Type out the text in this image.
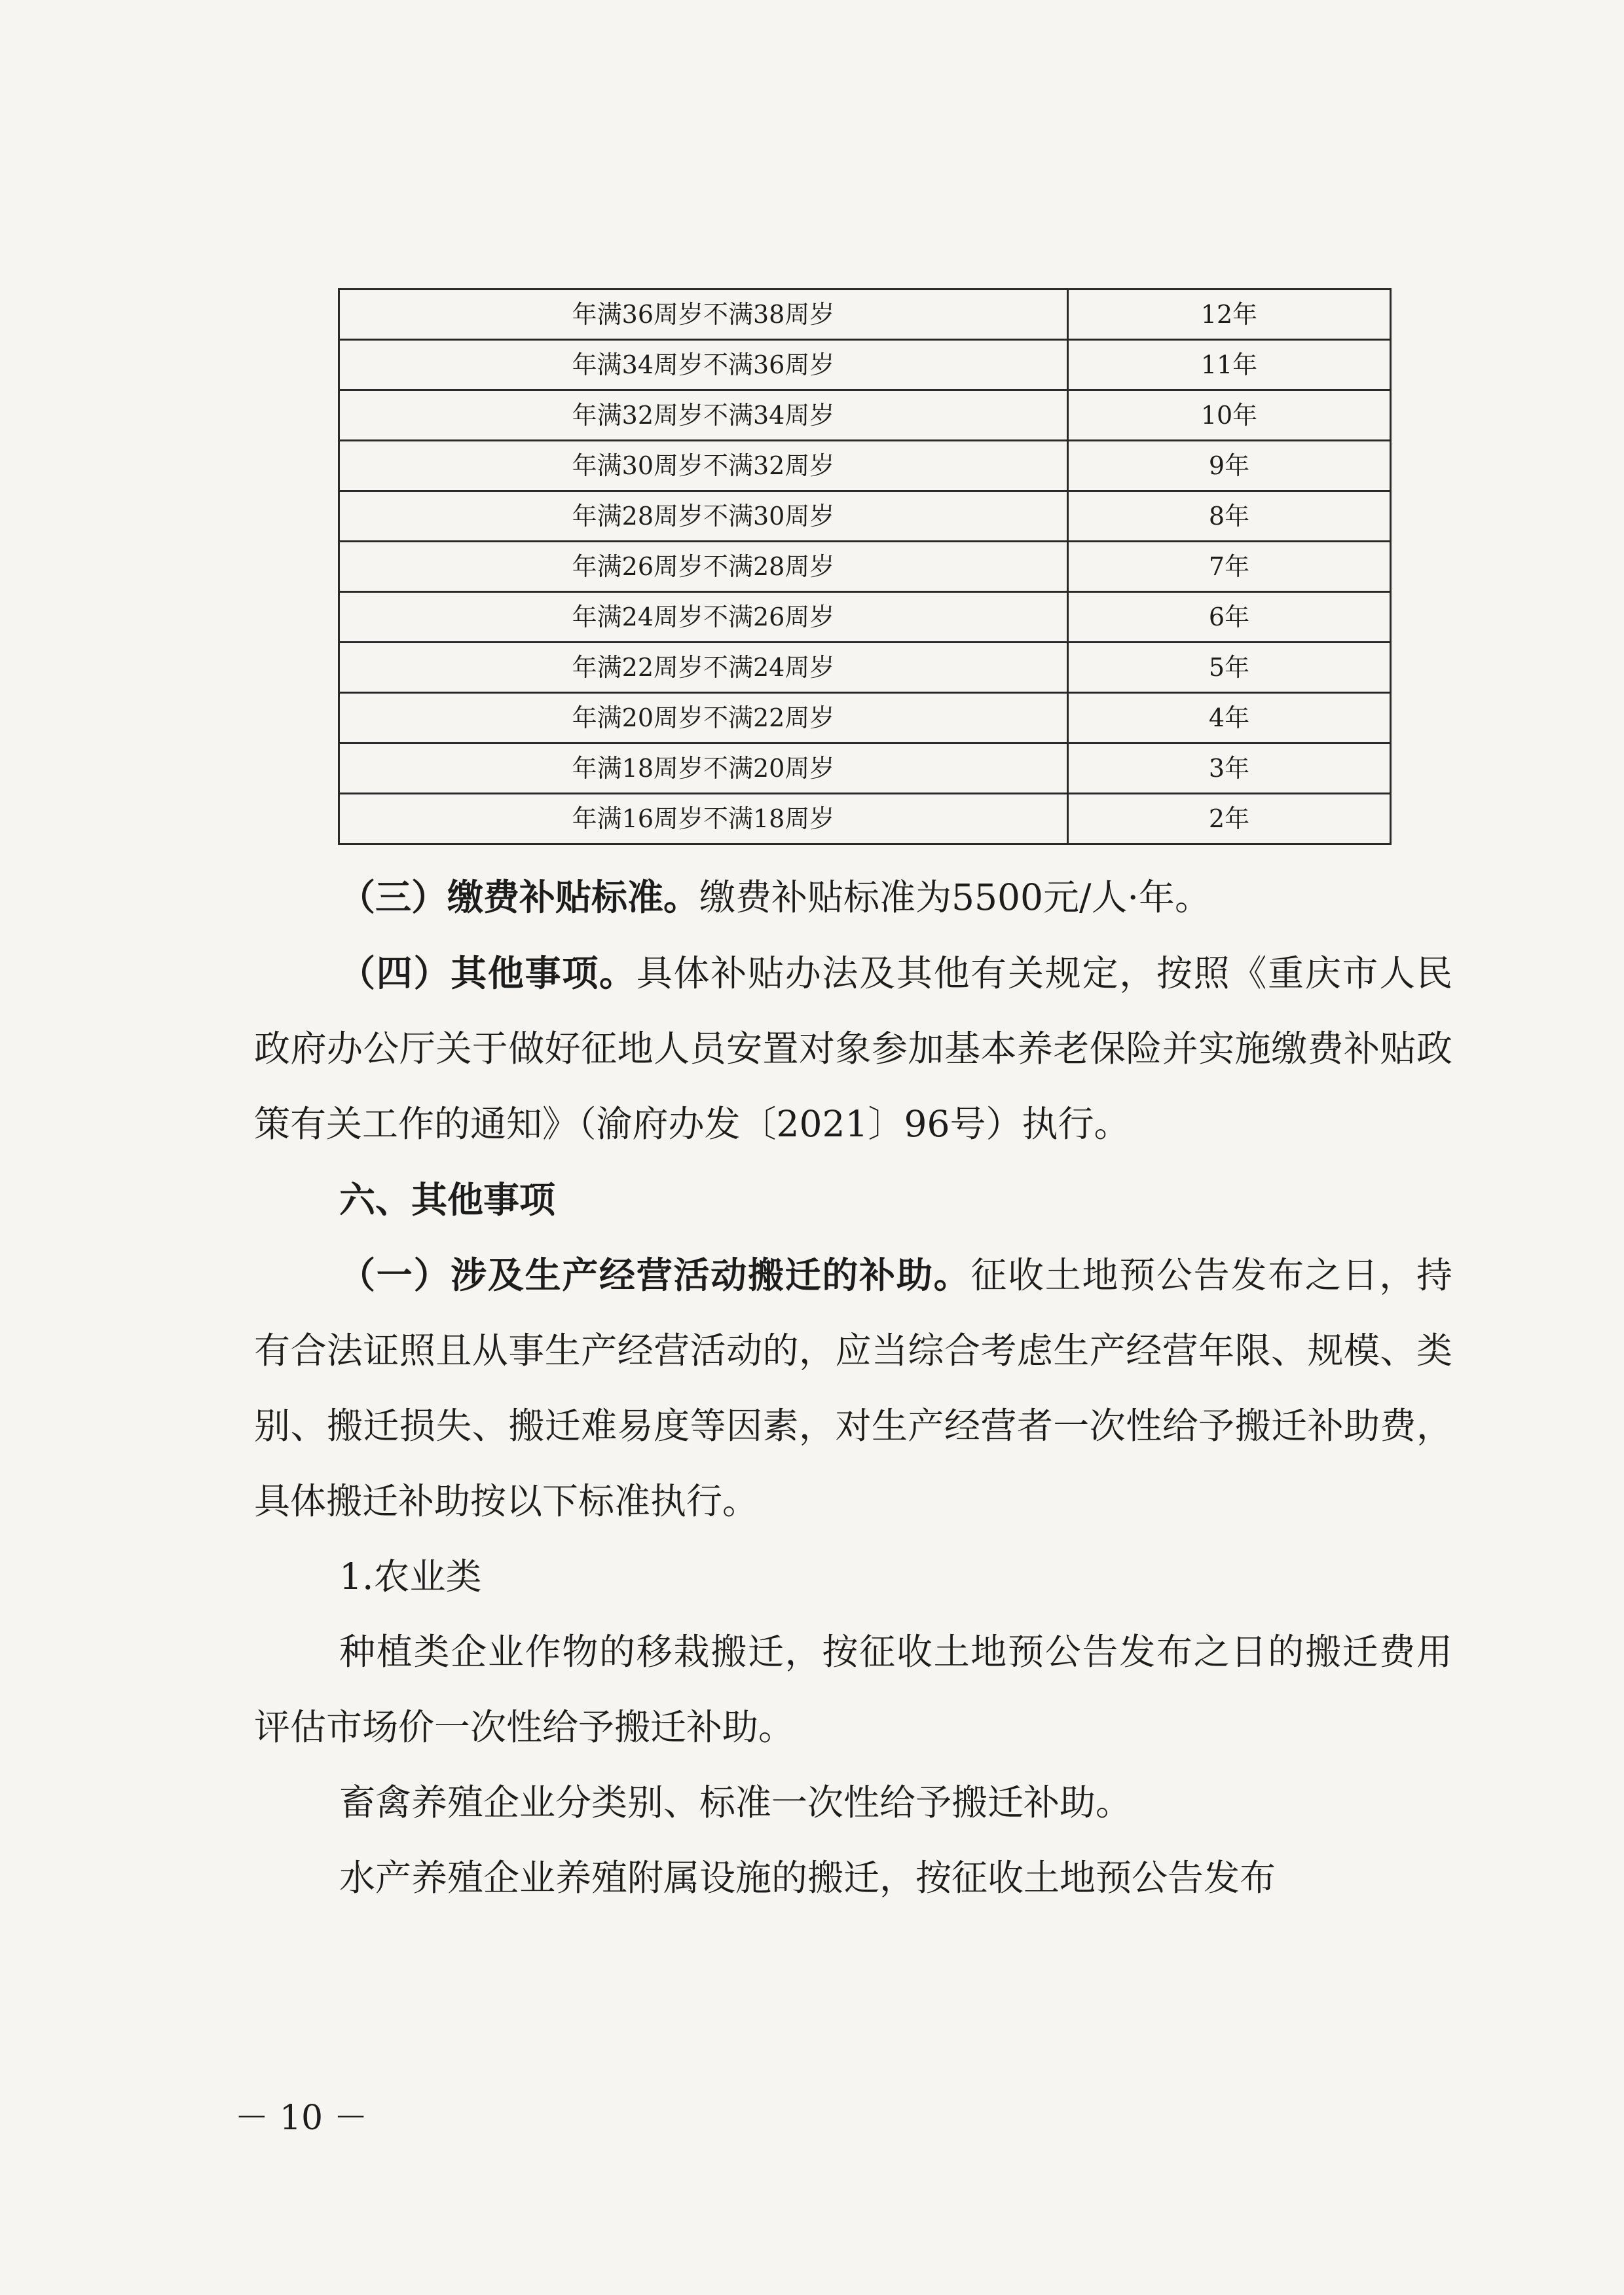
年满36周岁不满38周岁	12年
年满34周岁不满36周岁	11年
年满32周岁不满34周岁	10年
年满30周岁不满32周岁	9年
年满28周岁不满30周岁	8年
年满26周岁不满28周岁	7年
年满24周岁不满26周岁	6年
年满22周岁不满24周岁	5年
年满20周岁不满22周岁	4年
年满18周岁不满20周岁	3年
年满16周岁不满18周岁	2年

（三）缴费补贴标准。缴费补贴标准为5500元/人·年。

（四）其他事项。具体补贴办法及其他有关规定，按照《重庆市人民政府办公厅关于做好征地人员安置对象参加基本养老保险并实施缴费补贴政策有关工作的通知》（渝府办发〔2021〕96号）执行。

六、其他事项

（一）涉及生产经营活动搬迁的补助。征收土地预公告发布之日，持有合法证照且从事生产经营活动的，应当综合考虑生产经营年限、规模、类别、搬迁损失、搬迁难易度等因素，对生产经营者一次性给予搬迁补助费，具体搬迁补助按以下标准执行。

1.农业类

种植类企业作物的移栽搬迁，按征收土地预公告发布之日的搬迁费用评估市场价一次性给予搬迁补助。

畜禽养殖企业分类别、标准一次性给予搬迁补助。

水产养殖企业养殖附属设施的搬迁，按征收土地预公告发布

－ 10 －
